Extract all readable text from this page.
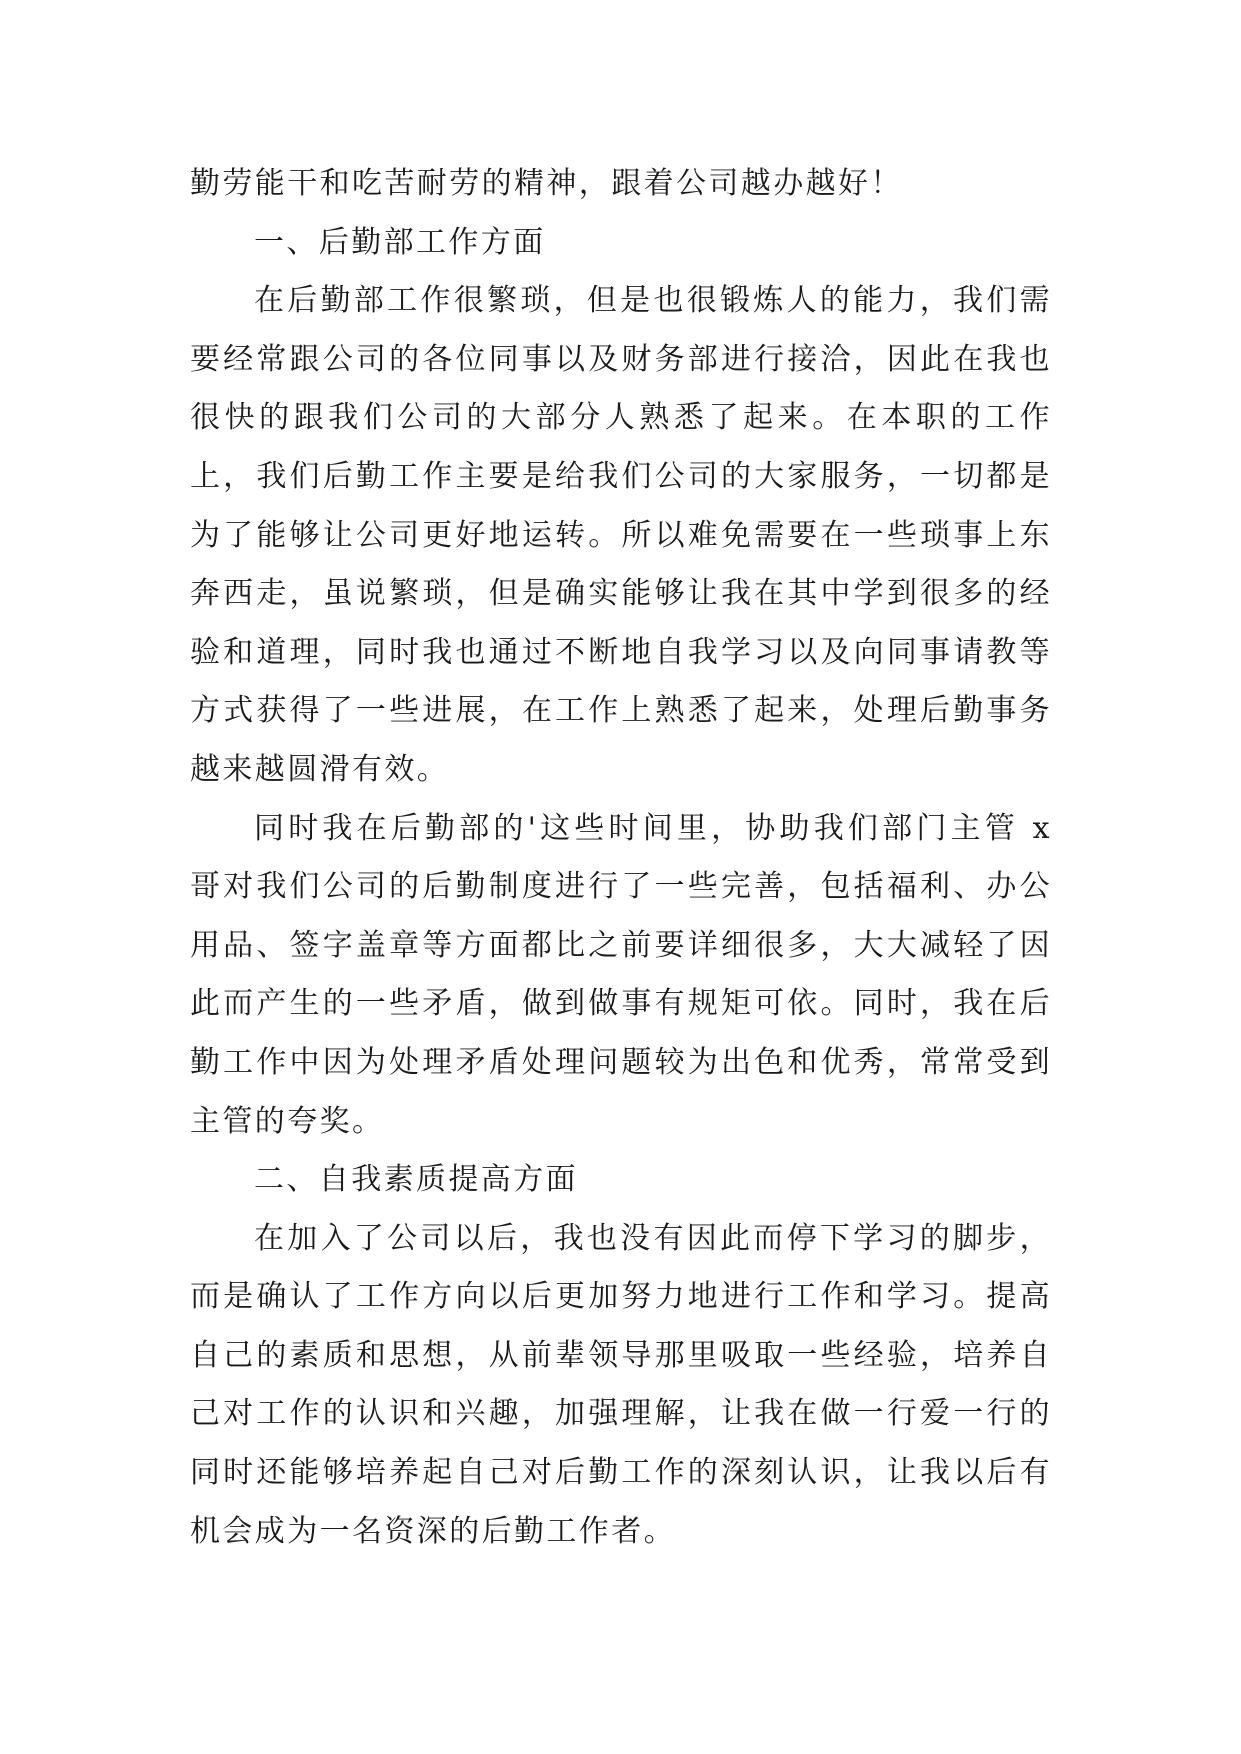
勤劳能干和吃苦耐劳的精神，跟着公司越办越好！

一、后勤部工作方面

在后勤部工作很繁琐，但是也很锻炼人的能力，我们需要经常跟公司的各位同事以及财务部进行接洽，因此在我也很快的跟我们公司的大部分人熟悉了起来。在本职的工作上，我们后勤工作主要是给我们公司的大家服务，一切都是为了能够让公司更好地运转。所以难免需要在一些琐事上东奔西走，虽说繁琐，但是确实能够让我在其中学到很多的经验和道理，同时我也通过不断地自我学习以及向同事请教等方式获得了一些进展，在工作上熟悉了起来，处理后勤事务越来越圆滑有效。

同时我在后勤部的'这些时间里，协助我们部门主管 x 哥对我们公司的后勤制度进行了一些完善，包括福利、办公用品、签字盖章等方面都比之前要详细很多，大大减轻了因此而产生的一些矛盾，做到做事有规矩可依。同时，我在后勤工作中因为处理矛盾处理问题较为出色和优秀，常常受到主管的夸奖。

二、自我素质提高方面

在加入了公司以后，我也没有因此而停下学习的脚步，而是确认了工作方向以后更加努力地进行工作和学习。提高自己的素质和思想，从前辈领导那里吸取一些经验，培养自己对工作的认识和兴趣，加强理解，让我在做一行爱一行的同时还能够培养起自己对后勤工作的深刻认识，让我以后有机会成为一名资深的后勤工作者。
